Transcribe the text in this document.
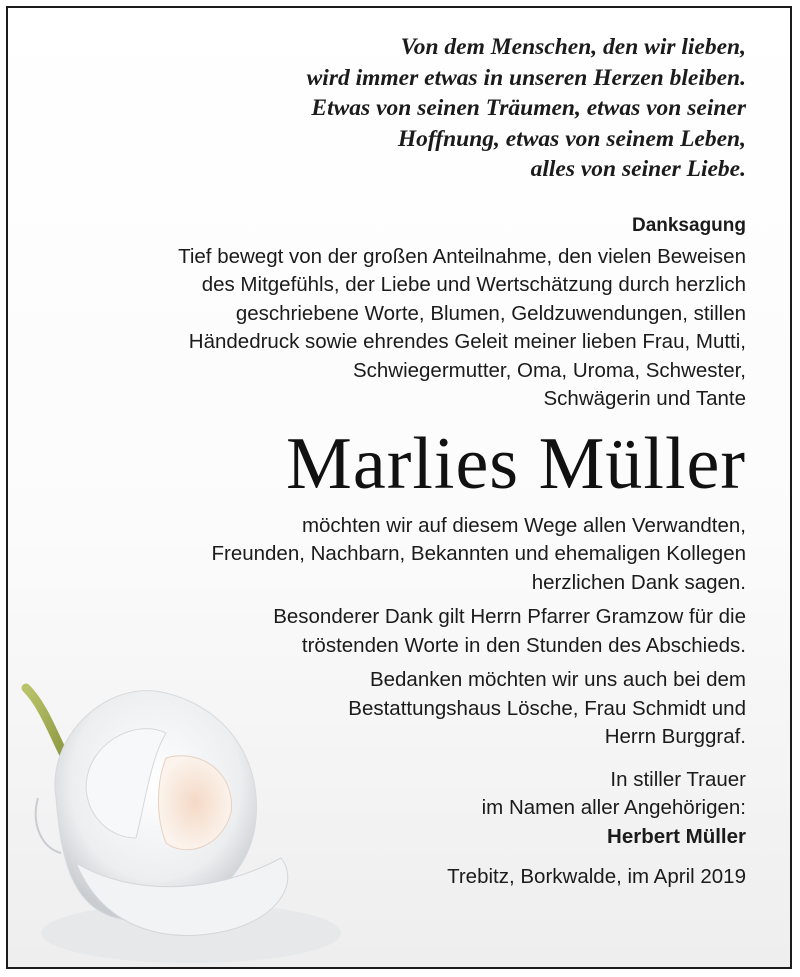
Von dem Menschen, den wir lieben,
wird immer etwas in unseren Herzen bleiben.
Etwas von seinen Träumen, etwas von seiner
Hoffnung, etwas von seinem Leben,
alles von seiner Liebe.

Danksagung

Tief bewegt von der großen Anteilnahme, den vielen Beweisen
des Mitgefühls, der Liebe und Wertschätzung durch herzlich
geschriebene Worte, Blumen, Geldzuwendungen, stillen
Händedruck sowie ehrendes Geleit meiner lieben Frau, Mutti,
Schwiegermutter, Oma, Uroma, Schwester,
Schwägerin und Tante

Marlies Müller

möchten wir auf diesem Wege allen Verwandten,
Freunden, Nachbarn, Bekannten und ehemaligen Kollegen
herzlichen Dank sagen.

Besonderer Dank gilt Herrn Pfarrer Gramzow für die
tröstenden Worte in den Stunden des Abschieds.

Bedanken möchten wir uns auch bei dem
Bestattungshaus Lösche, Frau Schmidt und
Herrn Burggraf.

In stiller Trauer
im Namen aller Angehörigen:
Herbert Müller

Trebitz, Borkwalde, im April 2019
